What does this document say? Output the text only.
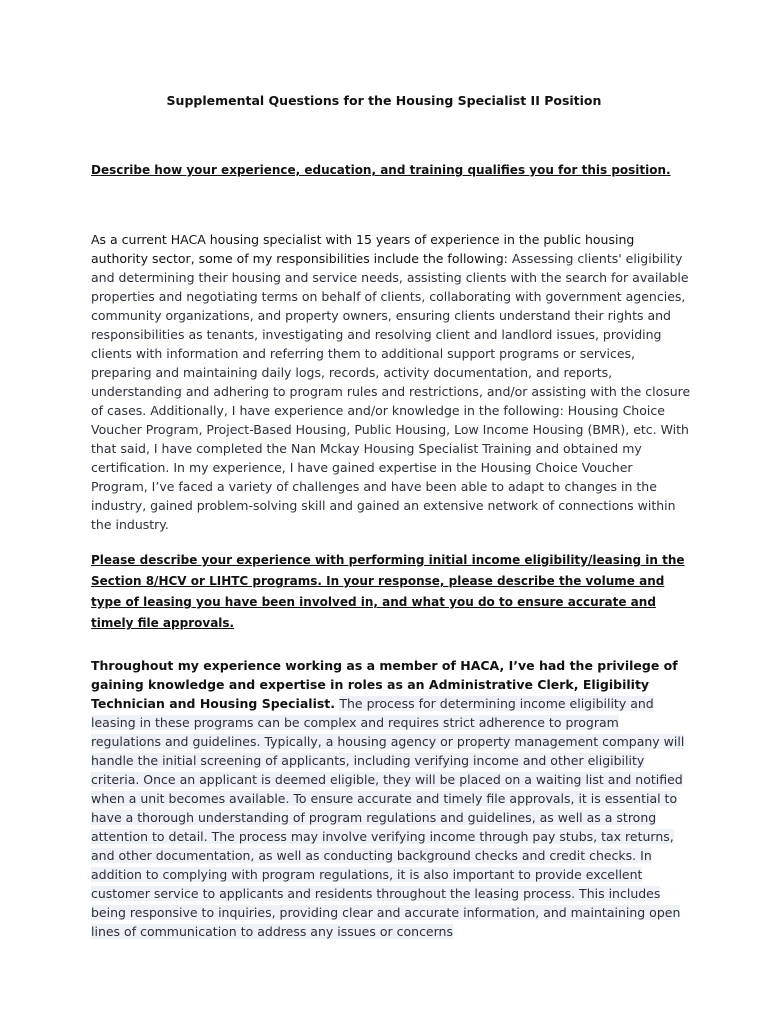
Supplemental Questions for the Housing Specialist II Position
Describe how your experience, education, and training qualifies you for this position.
As a current HACA housing specialist with 15 years of experience in the public housing authority sector, some of my responsibilities include the following: Assessing clients' eligibility and determining their housing and service needs, assisting clients with the search for available properties and negotiating terms on behalf of clients, collaborating with government agencies, community organizations, and property owners, ensuring clients understand their rights and responsibilities as tenants, investigating and resolving client and landlord issues, providing clients with information and referring them to additional support programs or services, preparing and maintaining daily logs, records, activity documentation, and reports, understanding and adhering to program rules and restrictions, and/or assisting with the closure of cases. Additionally, I have experience and/or knowledge in the following: Housing Choice Voucher Program, Project-Based Housing, Public Housing, Low Income Housing (BMR), etc. With that said, I have completed the Nan Mckay Housing Specialist Training and obtained my certification. In my experience, I have gained expertise in the Housing Choice Voucher Program, I’ve faced a variety of challenges and have been able to adapt to changes in the industry, gained problem-solving skill and gained an extensive network of connections within the industry.
Please describe your experience with performing initial income eligibility/leasing in the Section 8/HCV or LIHTC programs. In your response, please describe the volume and type of leasing you have been involved in, and what you do to ensure accurate and timely file approvals.
Throughout my experience working as a member of HACA, I’ve had the privilege of gaining knowledge and expertise in roles as an Administrative Clerk, Eligibility Technician and Housing Specialist. The process for determining income eligibility and leasing in these programs can be complex and requires strict adherence to program regulations and guidelines. Typically, a housing agency or property management company will handle the initial screening of applicants, including verifying income and other eligibility criteria. Once an applicant is deemed eligible, they will be placed on a waiting list and notified when a unit becomes available. To ensure accurate and timely file approvals, it is essential to have a thorough understanding of program regulations and guidelines, as well as a strong attention to detail. The process may involve verifying income through pay stubs, tax returns, and other documentation, as well as conducting background checks and credit checks. In addition to complying with program regulations, it is also important to provide excellent customer service to applicants and residents throughout the leasing process. This includes being responsive to inquiries, providing clear and accurate information, and maintaining open lines of communication to address any issues or concerns
